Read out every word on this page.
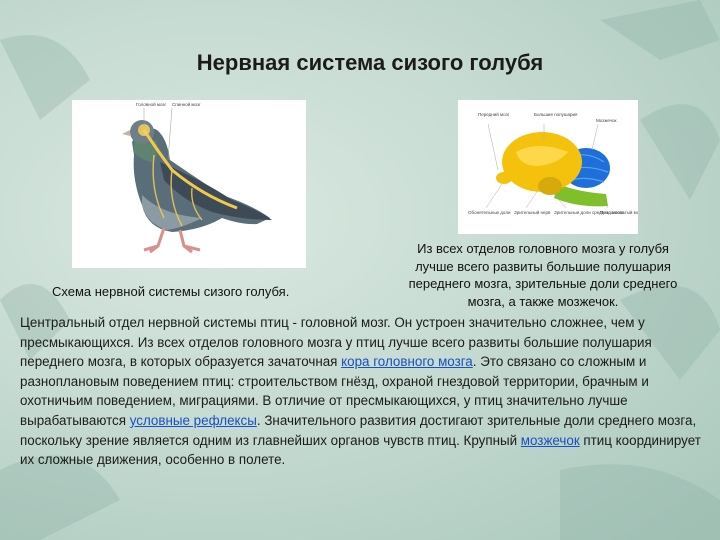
Нервная система сизого голубя
Головной мозг Спинной мозг
Схема нервной системы сизого голубя.
Передний мозг	Большие полушария
Мозжечок
Обонятельные доли Зрительный нерв Зрительные доли среднего мозга
Продолговатый мо
Из всех отделов головного мозга у голубя
лучше всего развиты большие полушария
переднего мозга, зрительные доли среднего
мозга, а также мозжечок.
Центральный отдел нервной системы птиц - головной мозг. Он устроен значительно сложнее, чем у пресмыкающихся. Из всех отделов головного мозга у птиц лучше всего развиты большие полушария переднего мозга, в которых образуется зачаточная кора головного мозга. Это связано со сложным и разноплановым поведением птиц: строительством гнёзд, охраной гнездовой территории, брачным и охотничьим поведением, миграциями. В отличие от пресмыкающихся, у птиц значительно лучше вырабатываются условные рефлексы. Значительного развития достигают зрительные доли среднего мозга, поскольку зрение является одним из главнейших органов чувств птиц. Крупный мозжечок птиц координирует их сложные движения, особенно в полете.
